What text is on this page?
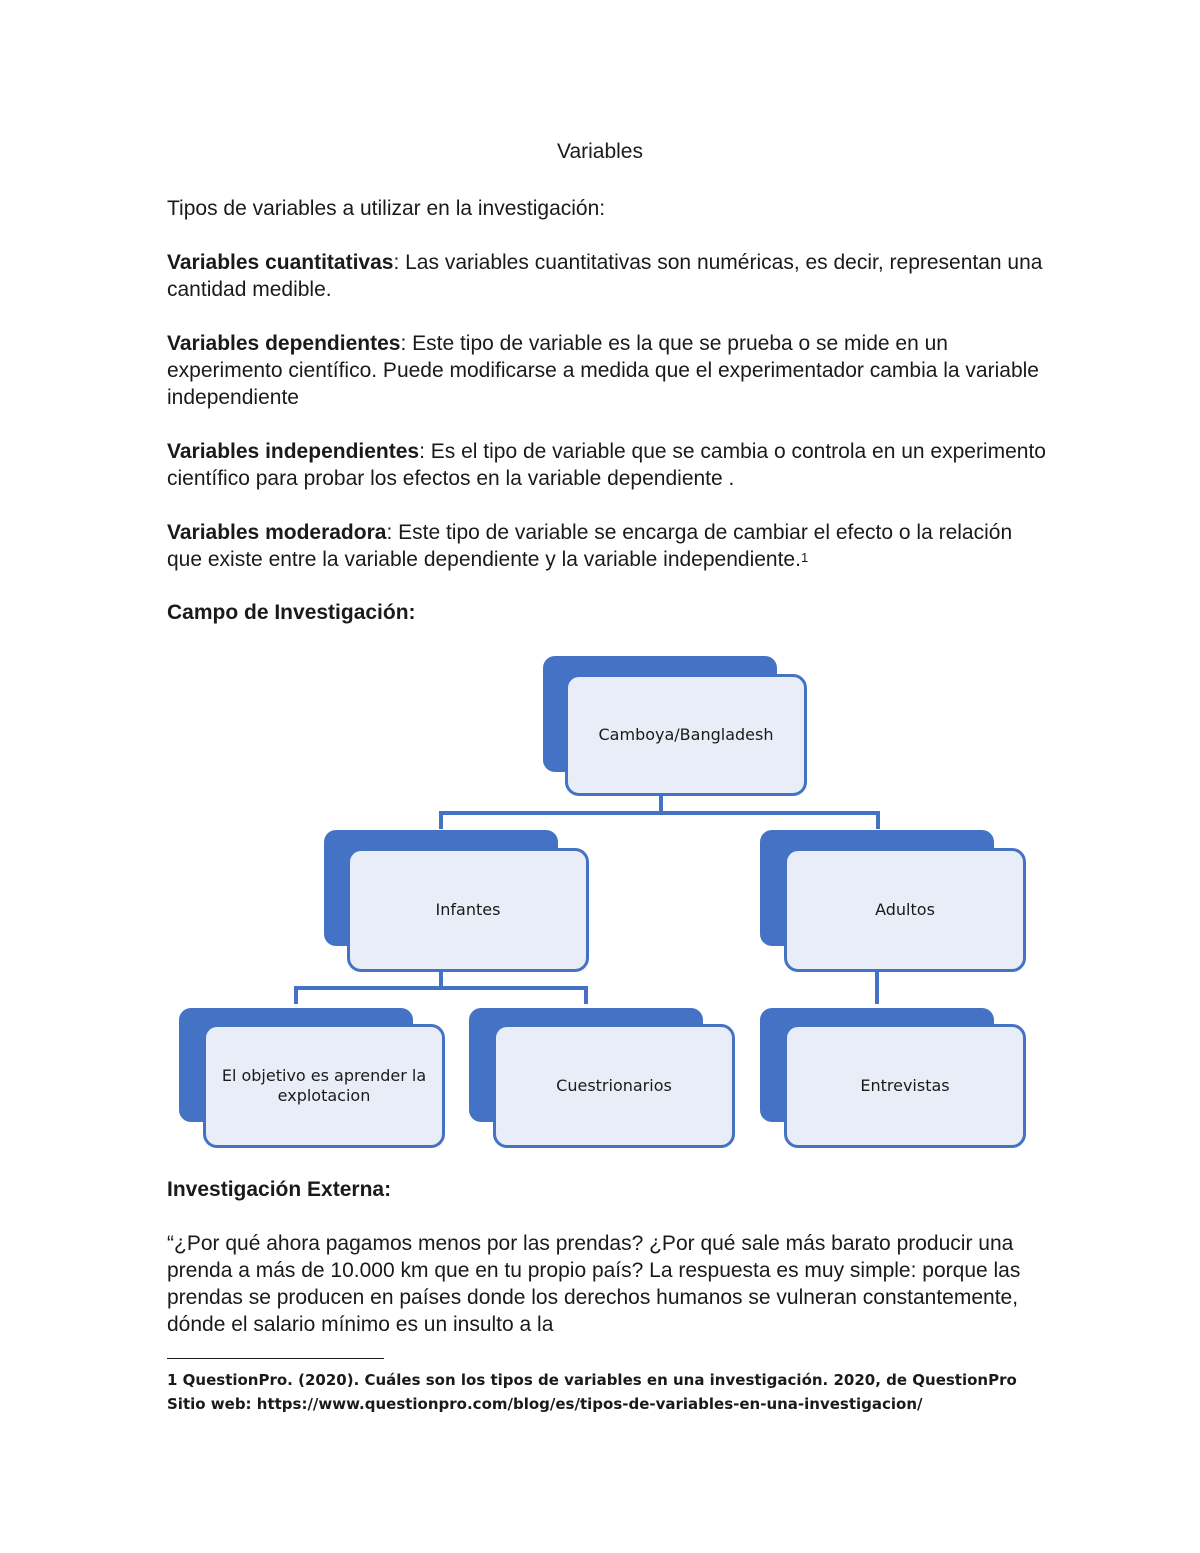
Variables

Tipos de variables a utilizar en la investigación:

Variables cuantitativas: Las variables cuantitativas son numéricas, es decir, representan una cantidad medible.

Variables dependientes: Este tipo de variable es la que se prueba o se mide en un experimento científico. Puede modificarse a medida que el experimentador cambia la variable independiente

Variables independientes: Es el tipo de variable que se cambia o controla en un experimento científico para probar los efectos en la variable dependiente .

Variables moderadora: Este tipo de variable se encarga de cambiar el efecto o la relación que existe entre la variable dependiente y la variable independiente.$^1$

Campo de Investigación:

Camboya/Bangladesh
Infantes	Adultos
El objetivo es aprender la explotacion
Cuestrionarios	Entrevistas

Investigación Externa:

“¿Por qué ahora pagamos menos por las prendas? ¿Por qué sale más barato producir una prenda a más de 10.000 km que en tu propio país? La respuesta es muy simple: porque las prendas se producen en países donde los derechos humanos se vulneran constantemente, dónde el salario mínimo es un insulto a la

1 QuestionPro. (2020). Cuáles son los tipos de variables en una investigación. 2020, de QuestionPro Sitio web: https://www.questionpro.com/blog/es/tipos-de-variables-en-una-investigacion/
